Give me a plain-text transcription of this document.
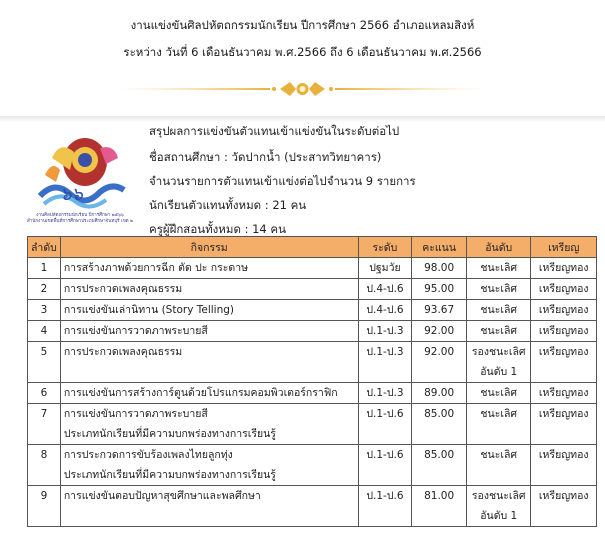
งานแข่งขันศิลปหัตถกรรมนักเรียน ปีการศึกษา 2566 อำเภอแหลมสิงห์
ระหว่าง วันที่ 6 เดือนธันวาคม พ.ศ.2566 ถึง 6 เดือนธันวาคม พ.ศ.2566
๖๖
งานศิลปหัตถกรรมนักเรียน ปีการศึกษา ๒๕๖๖
สำนักงานเขตพื้นที่การศึกษาประถมศึกษาจันทบุรี เขต ๒
สรุปผลการแข่งขันตัวแทนเข้าแข่งขันในระดับต่อไป
ชื่อสถานศึกษา : วัดปากน้ำ (ประสาทวิทยาคาร)
จำนวนรายการตัวแทนเข้าแข่งต่อไปจำนวน 9 รายการ
นักเรียนตัวแทนทั้งหมด : 21 คน
ครูผู้ฝึกสอนทั้งหมด : 14 คน
ลำดับ	กิจกรรม	ระดับ	คะแนน	อันดับ	เหรียญ

1	การสร้างภาพด้วยการฉีก ตัด ปะ กระดาษ	ปฐมวัย	98.00	ชนะเลิศ	เหรียญทอง

2	การประกวดเพลงคุณธรรม	ป.4-ป.6	95.00	ชนะเลิศ	เหรียญทอง

3	การแข่งขันเล่านิทาน (Story Telling)	ป.4-ป.6	93.67	ชนะเลิศ	เหรียญทอง

4	การแข่งขันการวาดภาพระบายสี	ป.1-ป.3	92.00	ชนะเลิศ	เหรียญทอง

5	การประกวดเพลงคุณธรรม	ป.1-ป.3	92.00	รองชนะเลิศ
อันดับ 1	เหรียญทอง

6	การแข่งขันการสร้างการ์ตูนด้วยโปรแกรมคอมพิวเตอร์กราฟิก	ป.1-ป.3	89.00	ชนะเลิศ	เหรียญทอง

7	การแข่งขันการวาดภาพระบายสี
ประเภทนักเรียนที่มีความบกพร่องทางการเรียนรู้	ป.1-ป.6	85.00	ชนะเลิศ	เหรียญทอง

8	การประกวดการขับร้องเพลงไทยลูกทุ่ง
ประเภทนักเรียนที่มีความบกพร่องทางการเรียนรู้	ป.1-ป.6	85.00	ชนะเลิศ	เหรียญทอง

9	การแข่งขันตอบปัญหาสุขศึกษาและพลศึกษา	ป.1-ป.6	81.00	รองชนะเลิศ
อันดับ 1	เหรียญทอง
